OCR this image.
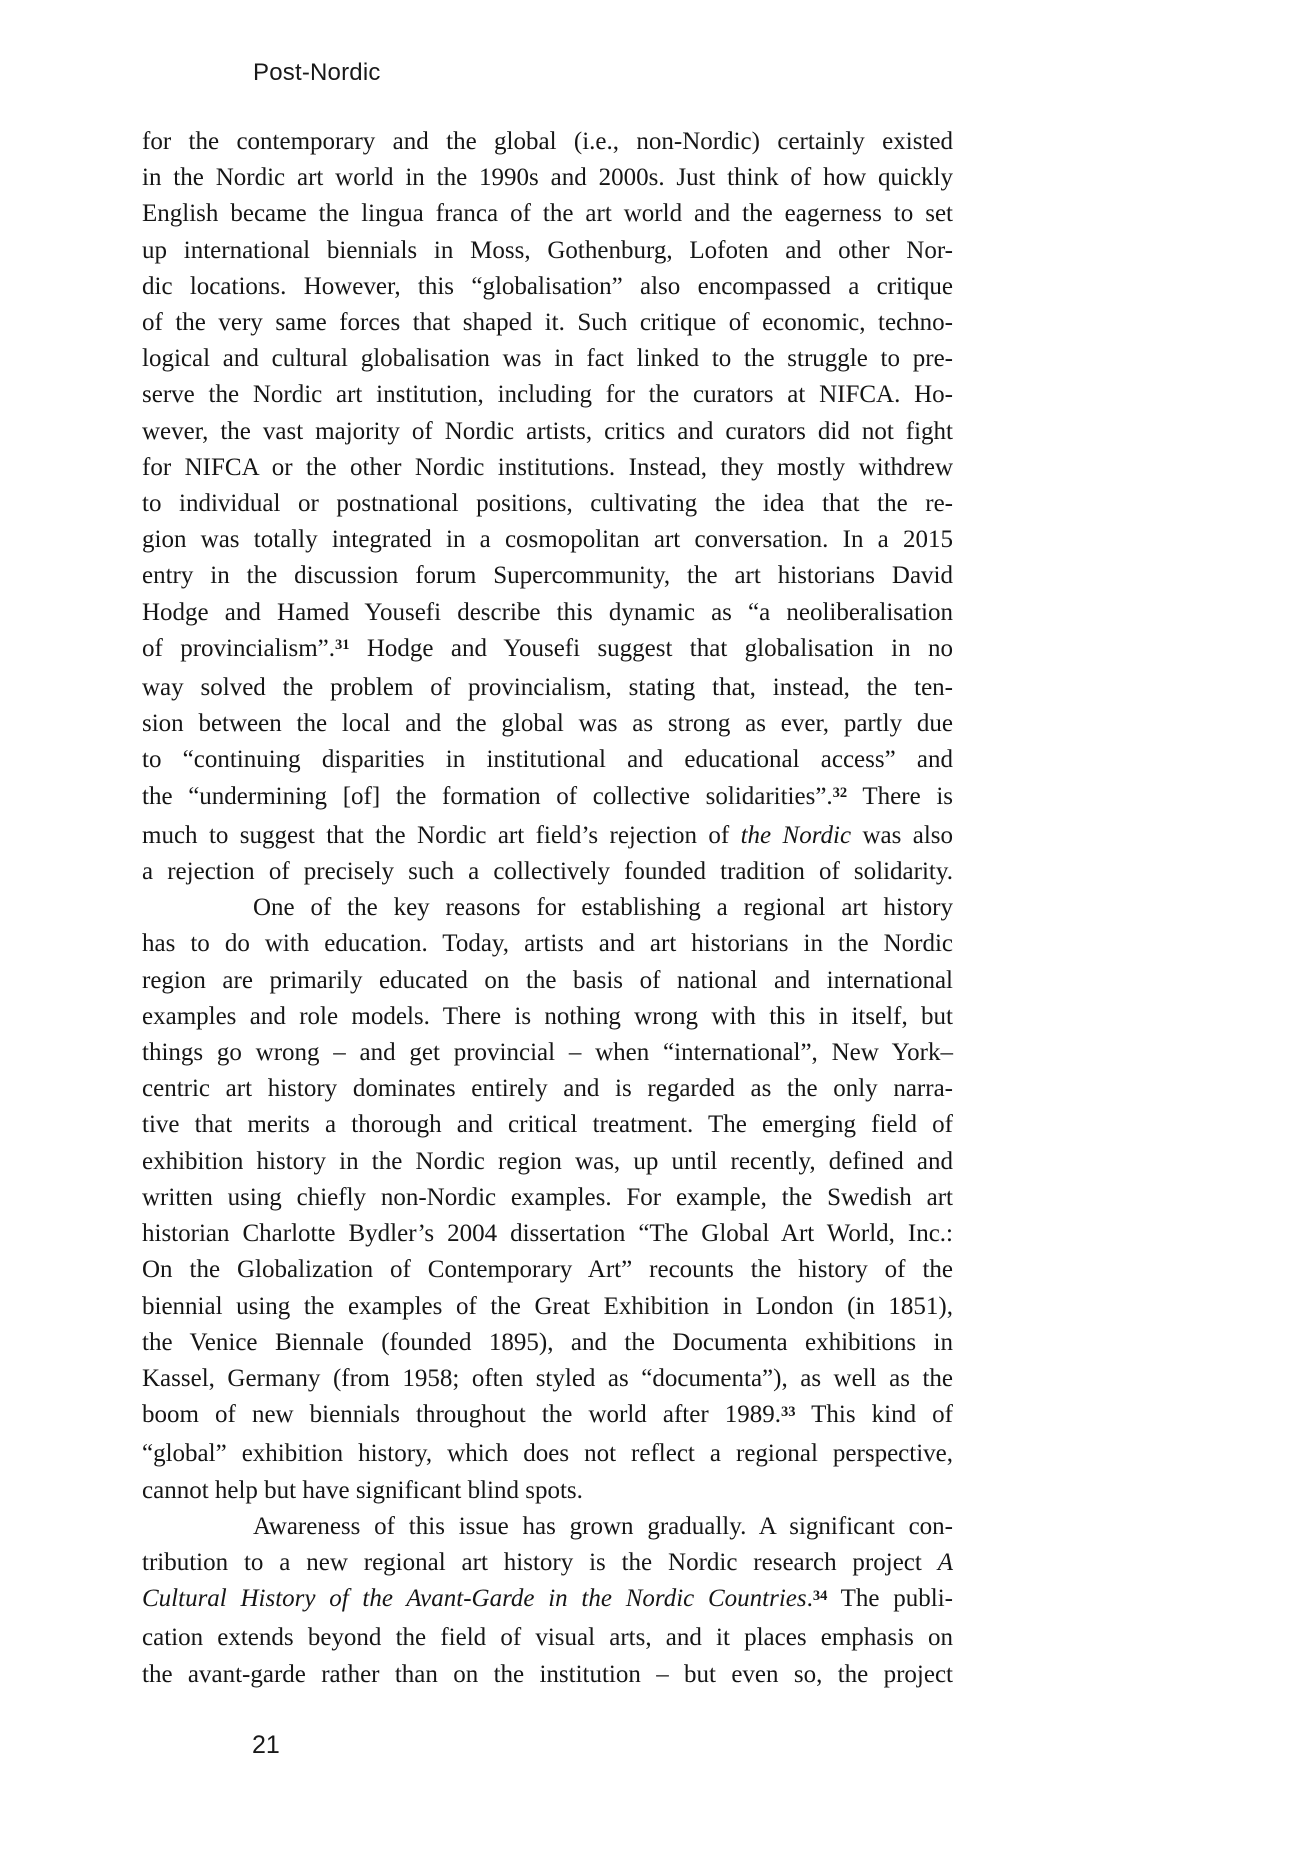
Post-Nordic
for the contemporary and the global (i.e., non-Nordic) certainly existed
in the Nordic art world in the 1990s and 2000s. Just think of how quickly
English became the lingua franca of the art world and the eagerness to set
up international biennials in Moss, Gothenburg, Lofoten and other Nor-
dic locations. However, this “globalisation” also encompassed a critique
of the very same forces that shaped it. Such critique of economic, techno-
logical and cultural globalisation was in fact linked to the struggle to pre-
serve the Nordic art institution, including for the curators at NIFCA. Ho-
wever, the vast majority of Nordic artists, critics and curators did not fight
for NIFCA or the other Nordic institutions. Instead, they mostly withdrew
to individual or postnational positions, cultivating the idea that the re-
gion was totally integrated in a cosmopolitan art conversation. In a 2015
entry in the discussion forum Supercommunity, the art historians David
Hodge and Hamed Yousefi describe this dynamic as “a neoliberalisation
of provincialism”.$^{31}$ Hodge and Yousefi suggest that globalisation in no
way solved the problem of provincialism, stating that, instead, the ten-
sion between the local and the global was as strong as ever, partly due
to “continuing disparities in institutional and educational access” and
the “undermining [of] the formation of collective solidarities”.$^{32}$ There is
much to suggest that the Nordic art field’s rejection of the Nordic was also
a rejection of precisely such a collectively founded tradition of solidarity.
One of the key reasons for establishing a regional art history
has to do with education. Today, artists and art historians in the Nordic
region are primarily educated on the basis of national and international
examples and role models. There is nothing wrong with this in itself, but
things go wrong – and get provincial – when “international”, New York–
centric art history dominates entirely and is regarded as the only narra-
tive that merits a thorough and critical treatment. The emerging field of
exhibition history in the Nordic region was, up until recently, defined and
written using chiefly non-Nordic examples. For example, the Swedish art
historian Charlotte Bydler’s 2004 dissertation “The Global Art World, Inc.:
On the Globalization of Contemporary Art” recounts the history of the
biennial using the examples of the Great Exhibition in London (in 1851),
the Venice Biennale (founded 1895), and the Documenta exhibitions in
Kassel, Germany (from 1958; often styled as “documenta”), as well as the
boom of new biennials throughout the world after 1989.33 This kind of
“global” exhibition history, which does not reflect a regional perspective,
cannot help but have significant blind spots.
Awareness of this issue has grown gradually. A significant con-
tribution to a new regional art history is the Nordic research project A
Cultural History of the Avant-Garde in the Nordic Countries.$^{34}$ The publi-
cation extends beyond the field of visual arts, and it places emphasis on
the avant-garde rather than on the institution – but even so, the project
21
